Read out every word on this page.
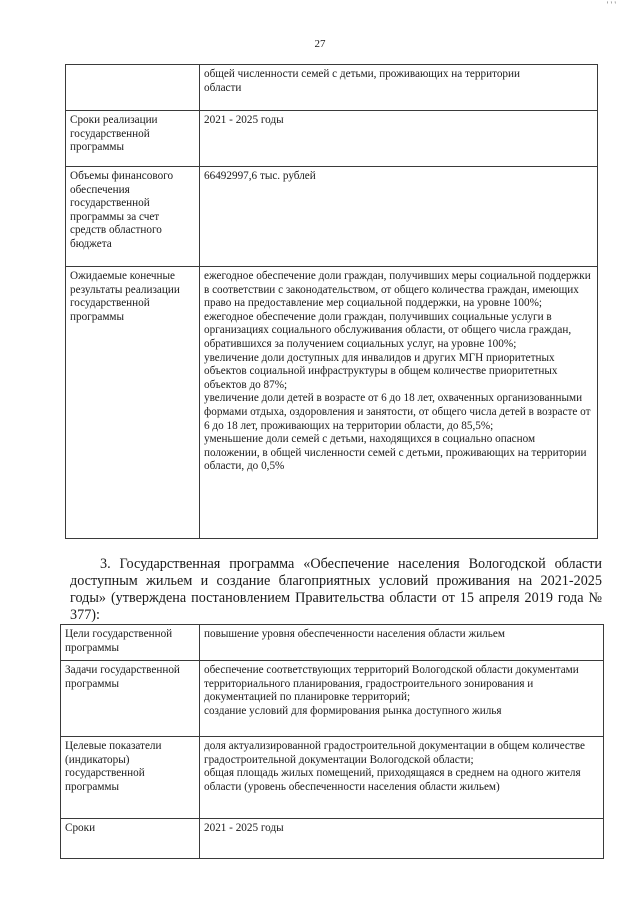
' ' '
27

	общей численности семей с детьми, проживающих на территории
области

Сроки реализации государственной программы	2021 - 2025 годы

Объемы финансового обеспечения государственной программы за счет средств областного бюджета	66492997,6 тыс. рублей

Ожидаемые конечные результаты реализации государственной программы	ежегодное обеспечение доли граждан, получивших меры социальной поддержки в соответствии с законодательством, от общего количества граждан, имеющих право на предоставление мер социальной поддержки, на уровне 100%;
ежегодное обеспечение доли граждан, получивших социальные услуги в организациях социального обслуживания области, от общего числа граждан, обратившихся за получением социальных услуг, на уровне 100%;
увеличение доли доступных для инвалидов и других МГН приоритетных объектов социальной инфраструктуры в общем количестве приоритетных объектов до 87%;
увеличение доли детей в возрасте от 6 до 18 лет, охваченных организованными формами отдыха, оздоровления и занятости, от общего числа детей в возрасте от 6 до 18 лет, проживающих на территории области, до 85,5%;
уменьшение доли семей с детьми, находящихся в социально опасном положении, в общей численности семей с детьми, проживающих на территории области, до 0,5%
3. Государственная программа «Обеспечение населения Вологодской области доступным жильем и создание благоприятных условий проживания на 2021-2025 годы» (утверждена постановлением Правительства области от 15 апреля 2019 года № 377):
Цели государственной программы	повышение уровня обеспеченности населения области жильем

Задачи государственной программы	обеспечение соответствующих территорий Вологодской области документами территориального планирования, градостроительного зонирования и документацией по планировке территорий;
создание условий для формирования рынка доступного жилья

Целевые показатели (индикаторы) государственной программы	доля актуализированной градостроительной документации в общем количестве градостроительной документации Вологодской области;
общая площадь жилых помещений, приходящаяся в среднем на одного жителя области (уровень обеспеченности населения области жильем)

Сроки	2021 - 2025 годы
